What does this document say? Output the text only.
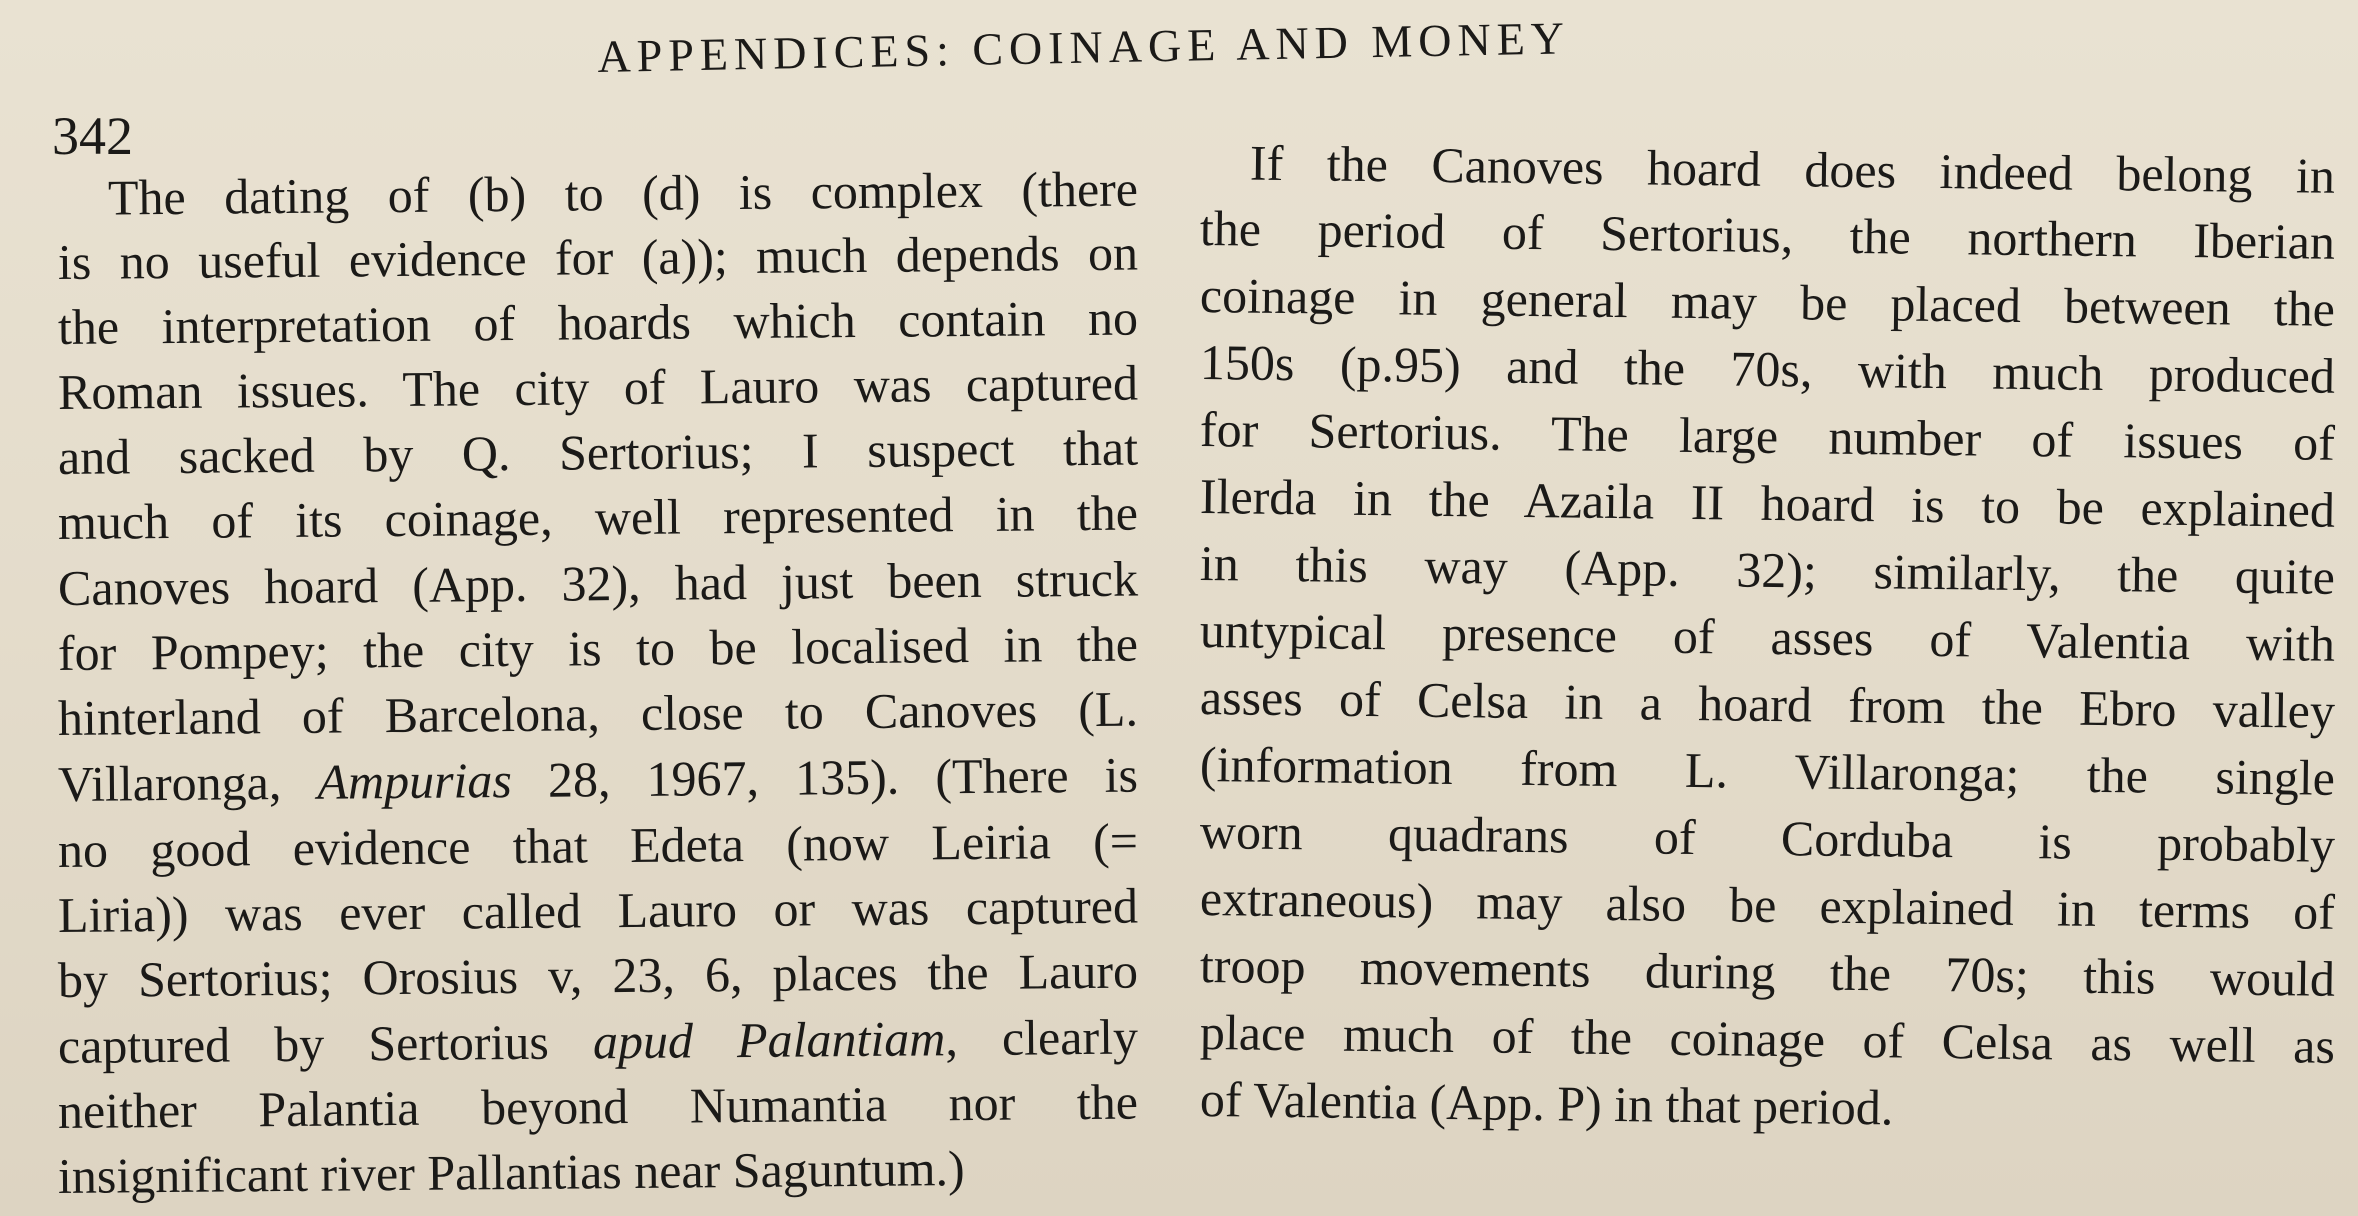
APPENDICES: COINAGE AND MONEY
342
The dating of (b) to (d) is complex (there
is no useful evidence for (a)); much depends on
the interpretation of hoards which contain no
Roman issues. The city of Lauro was captured
and sacked by Q. Sertorius; I suspect that
much of its coinage, well represented in the
Canoves hoard (App. 32), had just been struck
for Pompey; the city is to be localised in the
hinterland of Barcelona, close to Canoves (L.
Villaronga, Ampurias 28, 1967, 135). (There is
no good evidence that Edeta (now Leiria (=
Liria)) was ever called Lauro or was captured
by Sertorius; Orosius v, 23, 6, places the Lauro
captured by Sertorius apud Palantiam, clearly
neither Palantia beyond Numantia nor the
insignificant river Pallantias near Saguntum.)
If the Canoves hoard does indeed belong in
the period of Sertorius, the northern Iberian
coinage in general may be placed between the
150s (p.95) and the 70s, with much produced
for Sertorius. The large number of issues of
Ilerda in the Azaila II hoard is to be explained
in this way (App. 32); similarly, the quite
untypical presence of asses of Valentia with
asses of Celsa in a hoard from the Ebro valley
(information from L. Villaronga; the single
worn quadrans of Corduba is probably
extraneous) may also be explained in terms of
troop movements during the 70s; this would
place much of the coinage of Celsa as well as
of Valentia (App. P) in that period.
